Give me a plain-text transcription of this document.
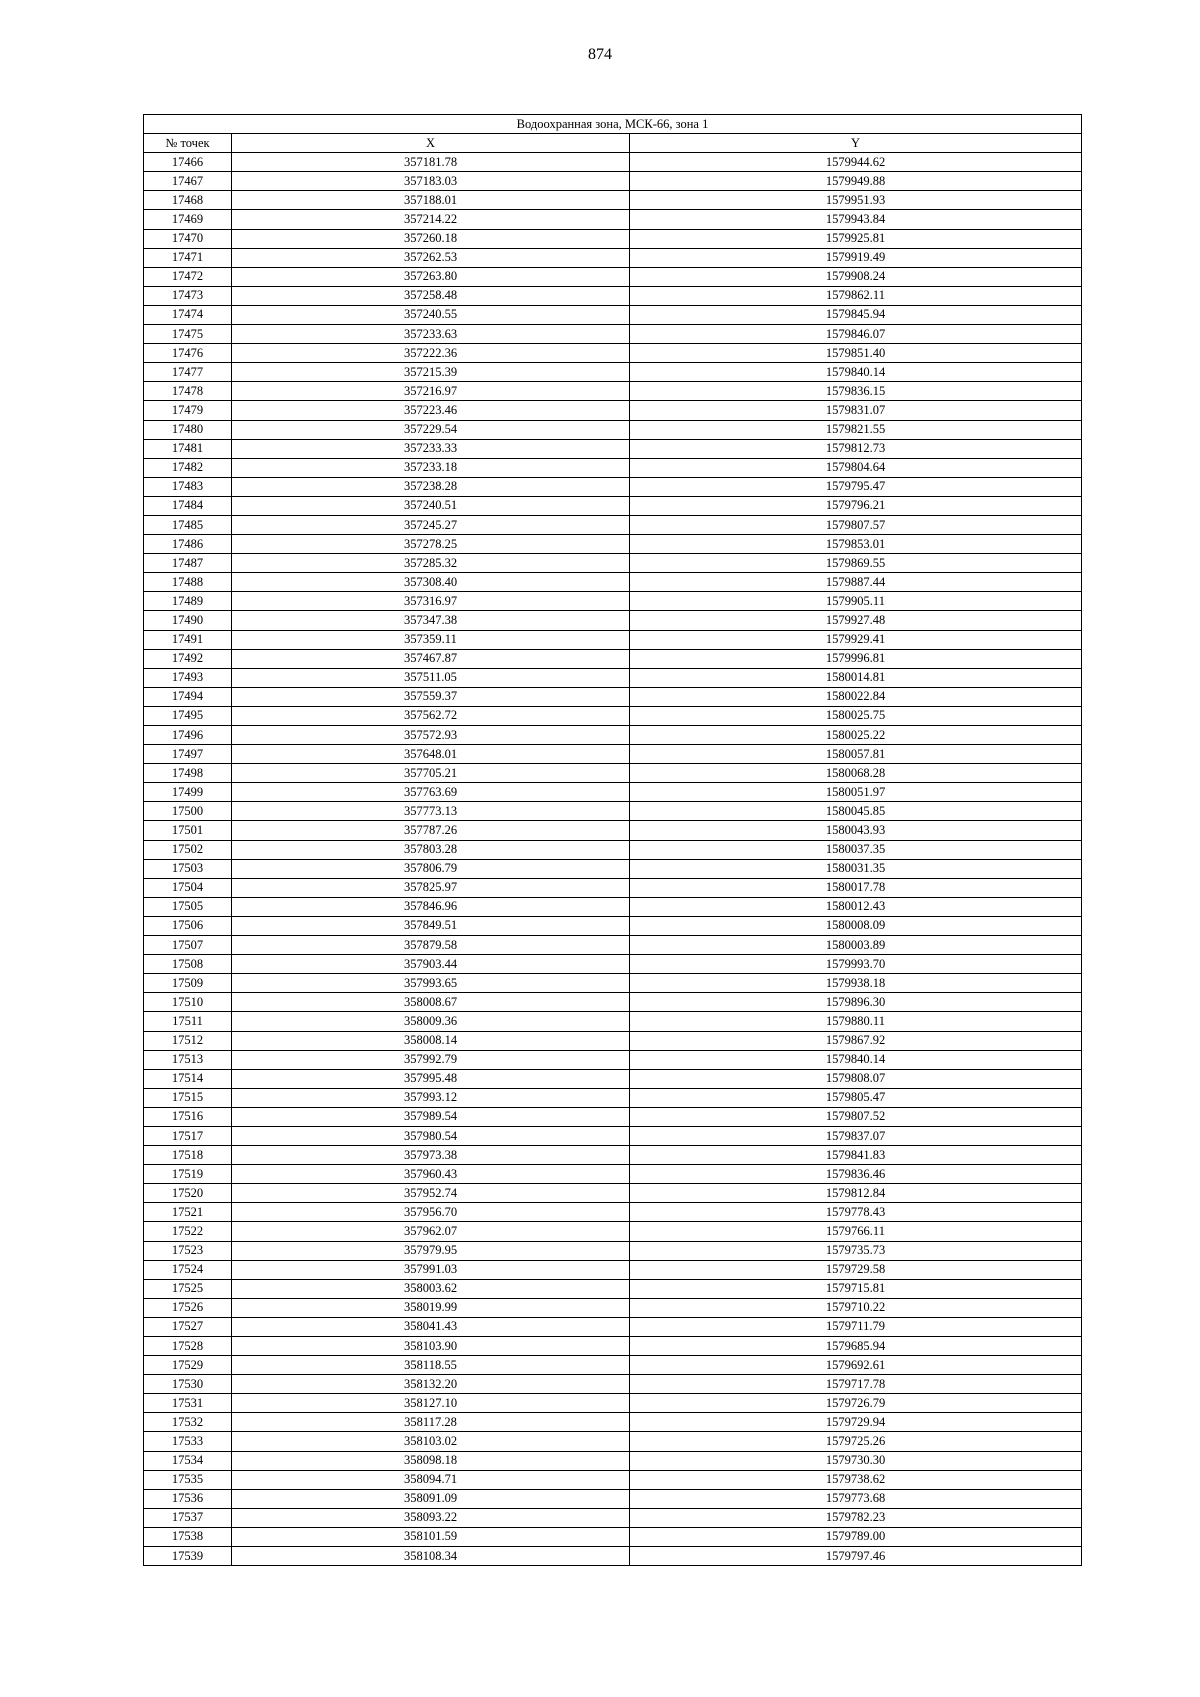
874
Водоохранная зона, МСК-66, зона 1		
№ точек	X	Y
17466	357181.78	1579944.62
17467	357183.03	1579949.88
17468	357188.01	1579951.93
17469	357214.22	1579943.84
17470	357260.18	1579925.81
17471	357262.53	1579919.49
17472	357263.80	1579908.24
17473	357258.48	1579862.11
17474	357240.55	1579845.94
17475	357233.63	1579846.07
17476	357222.36	1579851.40
17477	357215.39	1579840.14
17478	357216.97	1579836.15
17479	357223.46	1579831.07
17480	357229.54	1579821.55
17481	357233.33	1579812.73
17482	357233.18	1579804.64
17483	357238.28	1579795.47
17484	357240.51	1579796.21
17485	357245.27	1579807.57
17486	357278.25	1579853.01
17487	357285.32	1579869.55
17488	357308.40	1579887.44
17489	357316.97	1579905.11
17490	357347.38	1579927.48
17491	357359.11	1579929.41
17492	357467.87	1579996.81
17493	357511.05	1580014.81
17494	357559.37	1580022.84
17495	357562.72	1580025.75
17496	357572.93	1580025.22
17497	357648.01	1580057.81
17498	357705.21	1580068.28
17499	357763.69	1580051.97
17500	357773.13	1580045.85
17501	357787.26	1580043.93
17502	357803.28	1580037.35
17503	357806.79	1580031.35
17504	357825.97	1580017.78
17505	357846.96	1580012.43
17506	357849.51	1580008.09
17507	357879.58	1580003.89
17508	357903.44	1579993.70
17509	357993.65	1579938.18
17510	358008.67	1579896.30
17511	358009.36	1579880.11
17512	358008.14	1579867.92
17513	357992.79	1579840.14
17514	357995.48	1579808.07
17515	357993.12	1579805.47
17516	357989.54	1579807.52
17517	357980.54	1579837.07
17518	357973.38	1579841.83
17519	357960.43	1579836.46
17520	357952.74	1579812.84
17521	357956.70	1579778.43
17522	357962.07	1579766.11
17523	357979.95	1579735.73
17524	357991.03	1579729.58
17525	358003.62	1579715.81
17526	358019.99	1579710.22
17527	358041.43	1579711.79
17528	358103.90	1579685.94
17529	358118.55	1579692.61
17530	358132.20	1579717.78
17531	358127.10	1579726.79
17532	358117.28	1579729.94
17533	358103.02	1579725.26
17534	358098.18	1579730.30
17535	358094.71	1579738.62
17536	358091.09	1579773.68
17537	358093.22	1579782.23
17538	358101.59	1579789.00
17539	358108.34	1579797.46
